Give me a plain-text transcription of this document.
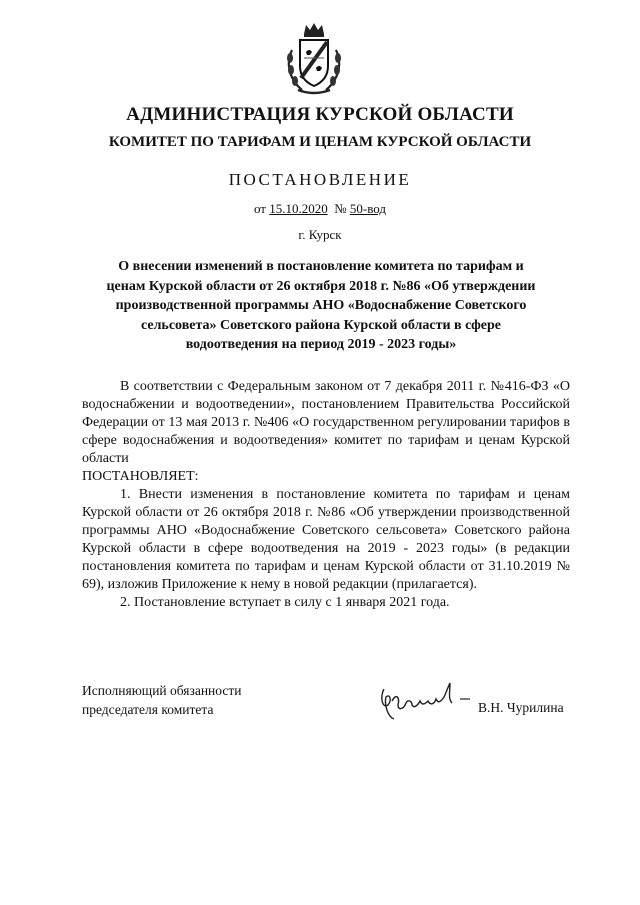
АДМИНИСТРАЦИЯ КУРСКОЙ ОБЛАСТИ
КОМИТЕТ ПО ТАРИФАМ И ЦЕНАМ КУРСКОЙ ОБЛАСТИ
ПОСТАНОВЛЕНИЕ
от 15.10.2020 № 50-вод
г. Курск
О внесении изменений в постановление комитета по тарифам и
ценам Курской области от 26 октября 2018 г. №86 «Об утверждении
производственной программы АНО «Водоснабжение Советского
сельсовета» Советского района Курской области в сфере
водоотведения на период 2019 - 2023 годы»

В соответствии с Федеральным законом от 7 декабря 2011 г. №416-ФЗ «О водоснабжении и водоотведении», постановлением Правительства Российской Федерации от 13 мая 2013 г. №406 «О государственном регулировании тарифов в сфере водоснабжения и водоотведения» комитет по тарифам и ценам Курской области

ПОСТАНОВЛЯЕТ:

1. Внести изменения в постановление комитета по тарифам и ценам Курской области от 26 октября 2018 г. №86 «Об утверждении производственной программы АНО «Водоснабжение Советского сельсовета» Советского района Курской области в сфере водоотведения на 2019 - 2023 годы» (в редакции постановления комитета по тарифам и ценам Курской области от 31.10.2019 № 69), изложив Приложение к нему в новой редакции (прилагается).

2. Постановление вступает в силу с 1 января 2021 года.

Исполняющий обязанности
председателя комитета	В.Н. Чурилина
